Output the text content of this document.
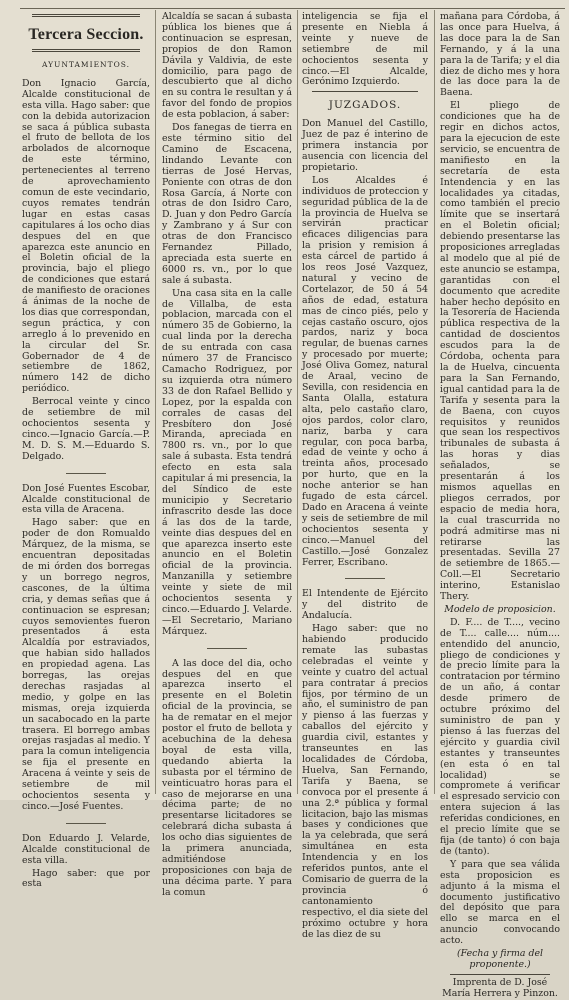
Tercera Seccion.
AYUNTAMIENTOS.

Don Ignacio García, Alcalde constitucional de esta villa. Hago saber: que con la debida autorizacion se saca á pública subasta el fruto de bellota de los arbolados de alcornoque de este término, pertenecientes al terreno de aprovechamiento comun de este vecindario, cuyos remates tendrán lugar en estas casas capitulares á los ocho dias despues del en que aparezca este anuncio en el Boletin oficial de la provincia, bajo el pliego de condiciones que estará de manifiesto de oraciones á ánimas de la noche de los dias que correspondan, segun práctica, y con arreglo á lo prevenido en la circular del Sr. Gobernador de 4 de setiembre de 1862, número 142 de dicho periódico.

Berrocal veinte y cinco de setiembre de mil ochocientos sesenta y cinco.—Ignacio García.—P. M. D. S. M.—Eduardo S. Delgado.

Don José Fuentes Escobar, Alcalde constitucional de esta villa de Aracena.

Hago saber: que en poder de don Romualdo Márquez, de la misma, se encuentran depositadas de mi órden dos borregas y un borrego negros, cascones, de la última cria, y demas señas que á continuacion se espresan; cuyos semovientes fueron presentados á esta Alcaldía por estraviados, que habian sido hallados en propiedad agena. Las borregas, las orejas derechas rasjadas al medio, y golpe en las mismas, oreja izquierda un sacabocado en la parte trasera. El borrego ambas orejas rasjadas al medio. Y para la comun inteligencia se fija el presente en Aracena á veinte y seis de setiembre de mil ochocientos sesenta y cinco.—José Fuentes.

Don Eduardo J. Velarde, Alcalde constitucional de esta villa.

Hago saber: que por esta

Alcaldía se sacan á subasta pública los bienes que á continuacion se espresan, propios de don Ramon Dávila y Valdivia, de este domicilio, para pago de descubierto que al dicho en su contra le resultan y á favor del fondo de propios de esta poblacion, á saber:

Dos fanegas de tierra en este término sitio del Camino de Escacena, lindando Levante con tierras de José Hervas, Poniente con otras de don Rosa García, á Norte con otras de don Isidro Caro, D. Juan y don Pedro García y Zambrano y á Sur con otras de don Francisco Fernandez Pillado, apreciada esta suerte en 6000 rs. vn., por lo que sale á subasta.

Una casa sita en la calle de Villalba, de esta poblacion, marcada con el número 35 de Gobierno, la cual linda por la derecha de su entrada con casa número 37 de Francisco Camacho Rodriguez, por su izquierda otra número 33 de don Rafael Bellido y Lopez, por la espalda con corrales de casas del Presbítero don José Miranda, apreciada en 7800 rs. vn., por lo que sale á subasta. Esta tendrá efecto en esta sala capitular á mi presencia, la del Síndico de este municipio y Secretario infrascrito desde las doce á las dos de la tarde, veinte dias despues del en que aparezca inserto este anuncio en el Boletin oficial de la provincia. Manzanilla y setiembre veinte y siete de mil ochocientos sesenta y cinco.—Eduardo J. Velarde.—El Secretario, Mariano Márquez.

A las doce del dia, ocho despues del en que aparezca inserto el presente en el Boletin oficial de la provincia, se ha de rematar en el mejor postor el fruto de bellota y acebuchina de la dehesa boyal de esta villa, quedando abierta la subasta por el término de veinticuatro horas para el caso de mejorarse en una décima parte; de no presentarse licitadores se celebrará dicha subasta á los ocho dias siguientes de la primera anunciada, admitiéndose proposiciones con baja de una décima parte. Y para la comun

inteligencia se fija el presente en Niebla á veinte y nueve de setiembre de mil ochocientos sesenta y cinco.—El Alcalde, Gerónimo Izquierdo.

JUZGADOS.

Don Manuel del Castillo, Juez de paz é interino de primera instancia por ausencia con licencia del propietario.

Los Alcaldes é individuos de proteccion y seguridad pública de la de la provincia de Huelva se servirán practicar eficaces diligencias para la prision y remision á esta cárcel de partido á los reos José Vazquez, natural y vecino de Cortelazor, de 50 á 54 años de edad, estatura mas de cinco piés, pelo y cejas castaño oscuro, ojos pardos, nariz y boca regular, de buenas carnes y procesado por muerte; José Oliva Gomez, natural de Araal, vecino de Sevilla, con residencia en Santa Olalla, estatura alta, pelo castaño claro, ojos pardos, color claro, nariz, barba y cara regular, con poca barba, edad de veinte y ocho á treinta años, procesado por hurto, que en la noche anterior se han fugado de esta cárcel. Dado en Aracena á veinte y seis de setiembre de mil ochocientos sesenta y cinco.—Manuel del Castillo.—José Gonzalez Ferrer, Escribano.

El Intendente de Ejército y del distrito de Andalucía.

Hago saber: que no habiendo producido remate las subastas celebradas el veinte y veinte y cuatro del actual para contratar á precios fijos, por término de un año, el suministro de pan y pienso á las fuerzas y caballos del ejército y guardia civil, estantes y transeuntes en las localidades de Córdoba, Huelva, San Fernando, Tarifa y Baena, se convoca por el presente á una 2.ª pública y formal licitacion, bajo las mismas bases y condiciones que la ya celebrada, que será simultánea en esta Intendencia y en los referidos puntos, ante el Comisario de guerra de la provincia ó cantonamiento respectivo, el dia siete del próximo octubre y hora de las diez de su

mañana para Córdoba, á las once para Huelva, á las doce para la de San Fernando, y á la una para la de Tarifa; y el dia diez de dicho mes y hora de las doce para la de Baena.

El pliego de condiciones que ha de regir en dichos actos, para la ejecucion de este servicio, se encuentra de manifiesto en la secretaría de esta Intendencia y en las localidades ya citadas, como también el precio límite que se insertará en el Boletin oficial; debiendo presentarse las proposiciones arregladas al modelo que al pié de este anuncio se estampa, garantidas con el documento que acredite haber hecho depósito en la Tesorería de Hacienda pública respectiva de la cantidad de doscientos escudos para la de Córdoba, ochenta para la de Huelva, cincuenta para la San Fernando, igual cantidad para la de Tarifa y sesenta para la de Baena, con cuyos requisitos y reunidos que sean los respectivos tribunales de subasta á las horas y dias señalados, se presentarán á los mismos aquellas en pliegos cerrados, por espacio de media hora, la cual trascurrida no podrá admitirse mas ni retirarse las presentadas. Sevilla 27 de setiembre de 1865.—Coll.—El Secretario interino, Estanislao Thery.

Modelo de proposicion.

D. F.... de T...., vecino de T.... calle.... núm.... entendido del anuncio, pliego de condiciones y de precio límite para la contratacion por término de un año, á contar desde primero de octubre próximo del suministro de pan y pienso á las fuerzas del ejército y guardia civil estantes y transeuntes (en esta ó en tal localidad) se compromete á verificar el espresado servicio con entera sujecion á las referidas condiciones, en el precio límite que se fija (de tanto) ó con baja de (tanto).

Y para que sea válida esta proposicion es adjunto á la misma el documento justificativo del depósito que para ello se marca en el anuncio convocando acto.

(Fecha y firma del proponente.)

Imprenta de D. José María Herrera y Pinzon.
